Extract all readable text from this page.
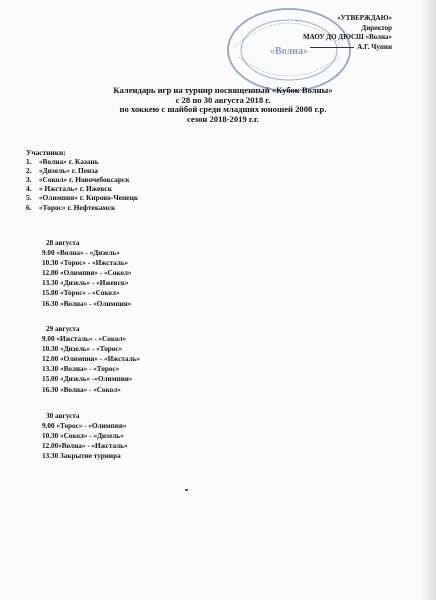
«Волна»
«УТВЕРЖДАЮ»
Директор
МАОУ ДО ДЮСШ «Волна»
А.Г. Чупин
Календарь игр на турнир посвященный «Кубок Волны»
с 28 по 30 августа 2018 г.
по хоккею с шайбой среди младших юношей 2008 г.р.
сезон 2018-2019 г.г.
Участники:
1. «Волна» г. Казань
2. «Дизель» г. Пенза
3. «Сокол» г. Новочебоксарск
4. « Ижсталь» г. Ижевск
5. «Олимпия» г. Кирово-Чепецк
6. «Торос» г. Нефтекамск
28 августа
9.00 «Волна» - «Дизель»
10.30 «Торос» - «Ижсталь»
12.00 «Олимпия» - «Сокол»
13.30 «Дизель» - «Ижевск»
15.00 «Торос» - «Сокол»
16.30 «Волна» - «Олимпия»
29 августа
9.00 «Ижсталь» - «Сокол»
10.30 «Дизель» - «Торос»
12.00 «Олимпия» - «Ижсталь»
13.30 «Волна» - «Торос»
15.00 «Дизель» -«Олимпия»
16.30 «Волна» - «Сокол»
30 августа
9.00 «Торос» - «Олимпия»
10.30 «Сокол» - «Дизель»
12.00«Волна» - «Ижсталь»
13.30 Закрытие турнира
